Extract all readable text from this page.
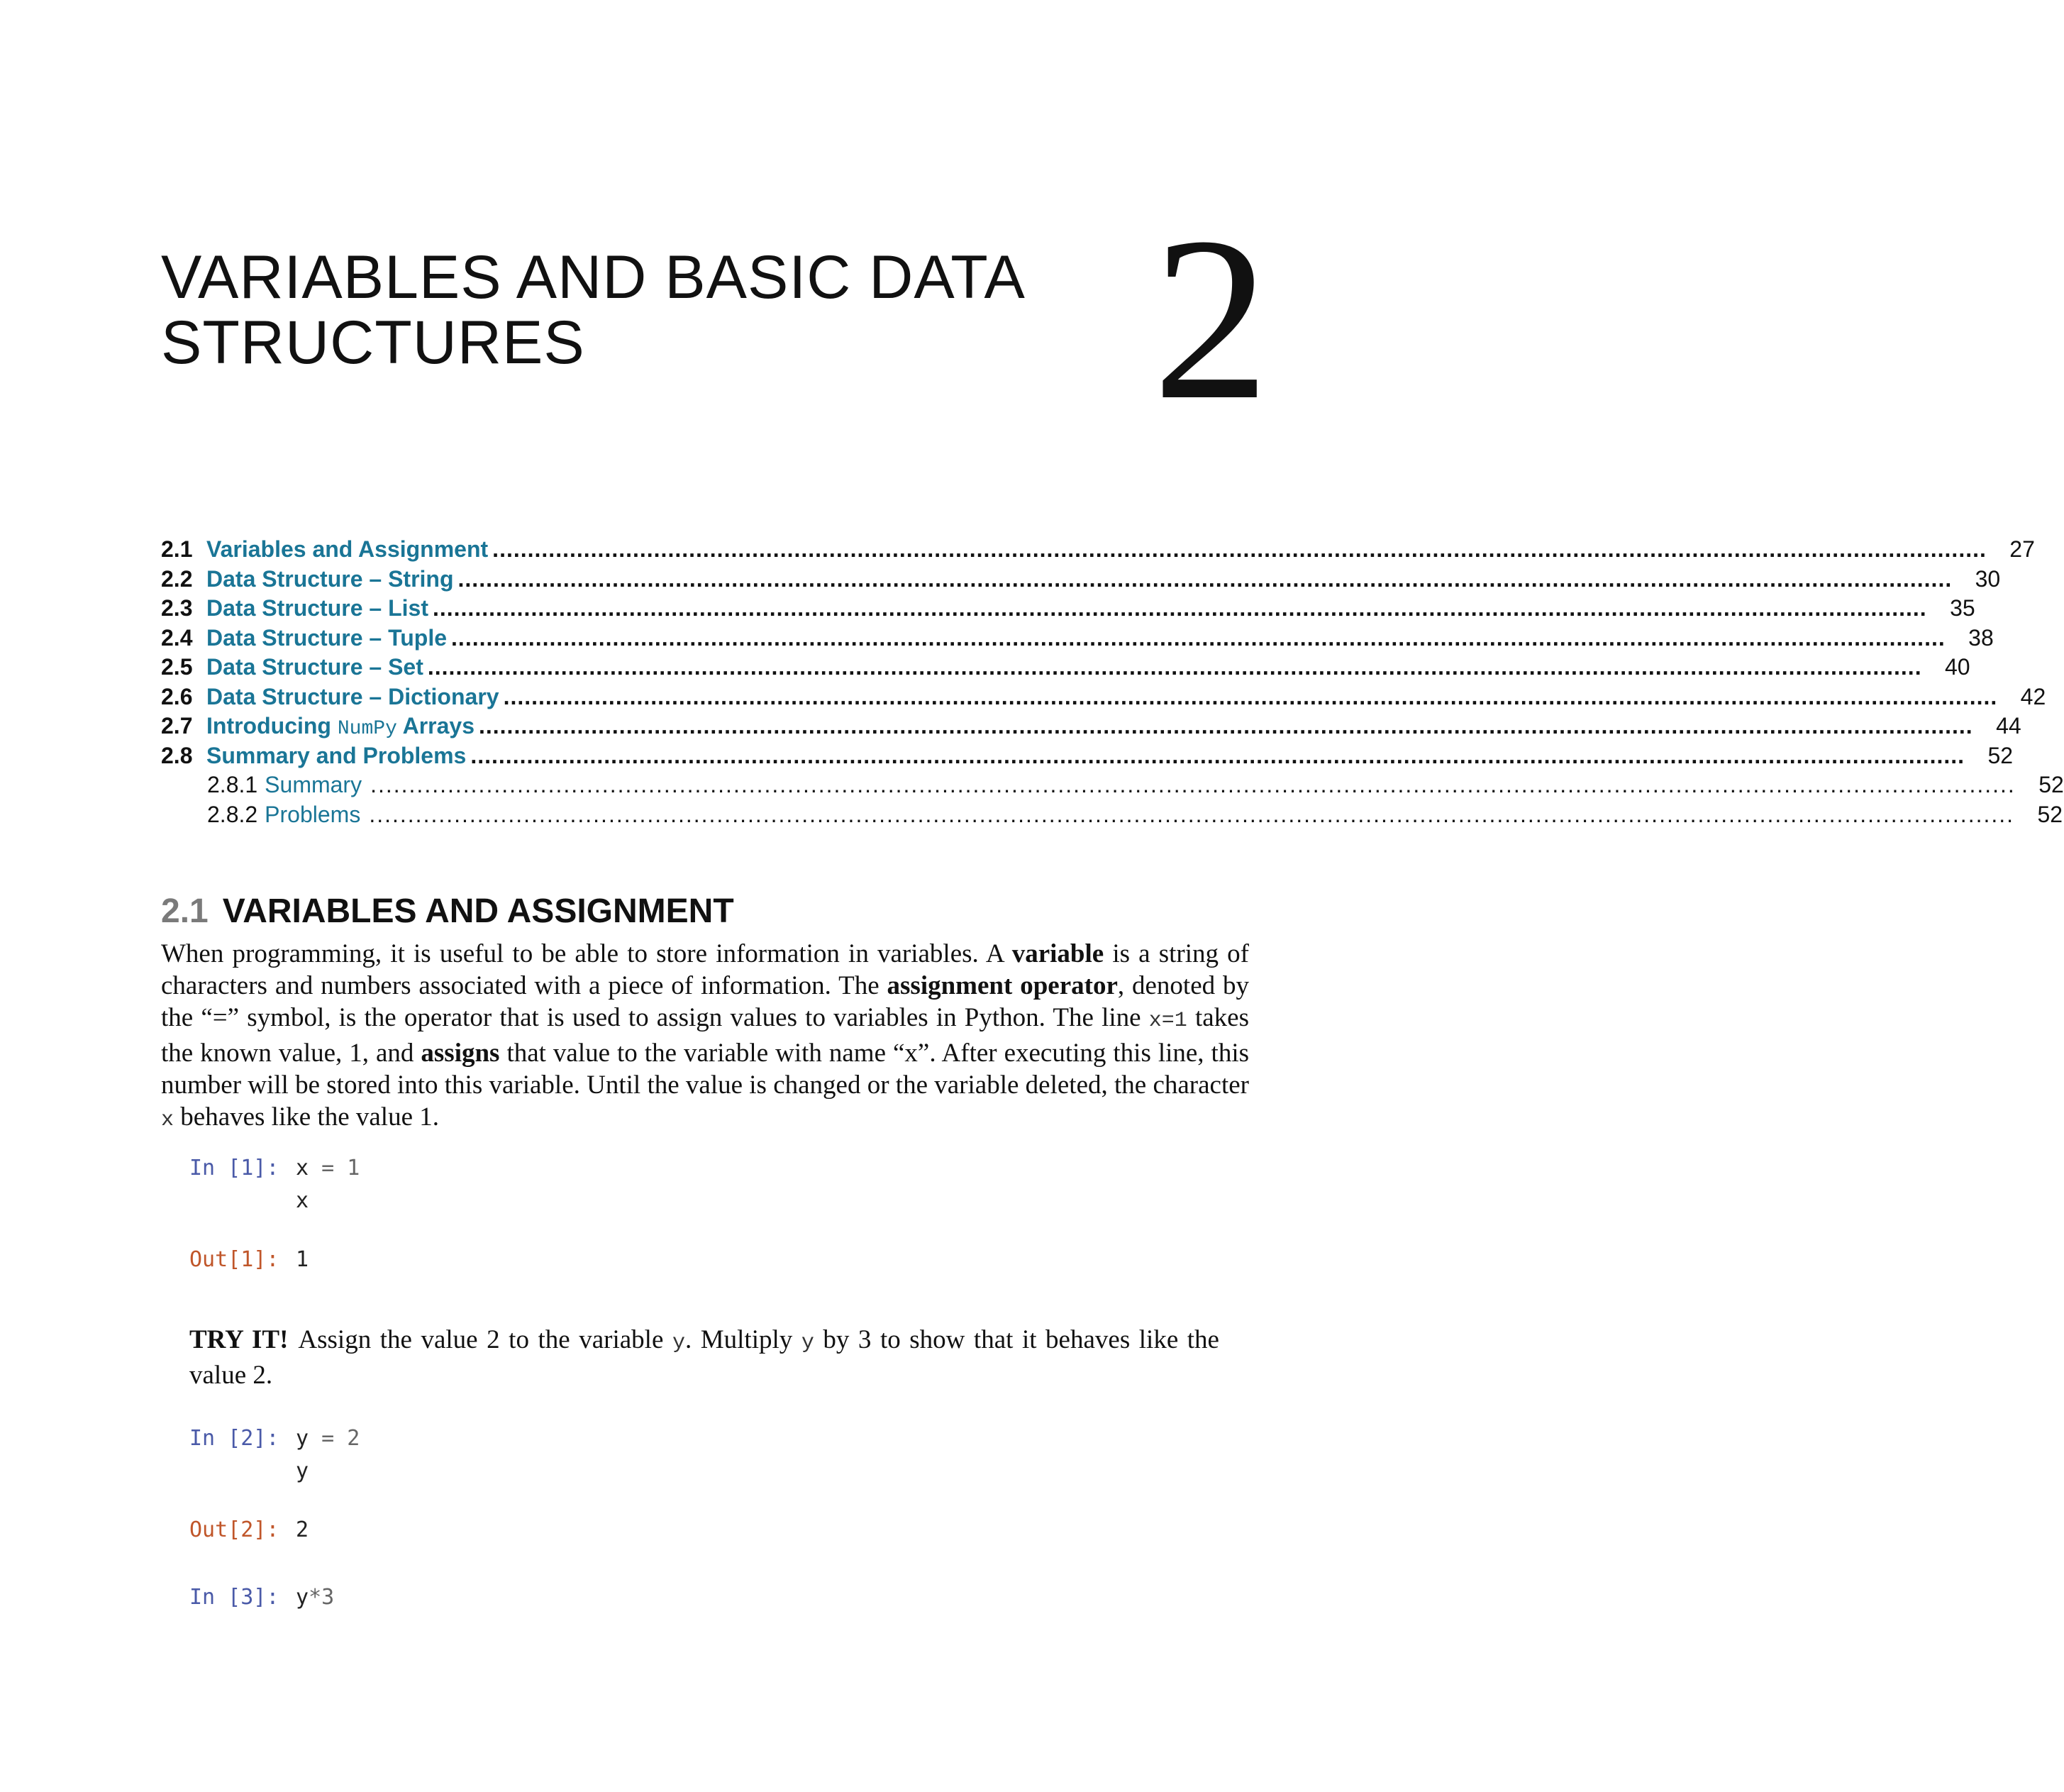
VARIABLES AND BASIC DATA
STRUCTURES	2
2.1 Variables and Assignment .....................................................................................................................................................................................................................	27
2.2 Data Structure – String .....................................................................................................................................................................................................................	30
2.3 Data Structure – List .....................................................................................................................................................................................................................	35
2.4 Data Structure – Tuple .....................................................................................................................................................................................................................	38
2.5 Data Structure – Set .....................................................................................................................................................................................................................	40
2.6 Data Structure – Dictionary .....................................................................................................................................................................................................................	42
2.7 Introducing NumPy Arrays .....................................................................................................................................................................................................................	44
2.8 Summary and Problems .....................................................................................................................................................................................................................	52
2.8.1 Summary .....................................................................................................................................................................................................................	52
2.8.2 Problems .....................................................................................................................................................................................................................	52
2.1 VARIABLES AND ASSIGNMENT
When programming, it is useful to be able to store information in variables. A variable is a string of characters and numbers associated with a piece of information. The assignment operator, denoted by the “=” symbol, is the operator that is used to assign values to variables in Python. The line x=1 takes the known value, 1, and assigns that value to the variable with name “x”. After executing this line, this number will be stored into this variable. Until the value is changed or the variable deleted, the character x behaves like the value 1.
In [1]: x = 1
x
Out[1]: 1
TRY IT! Assign the value 2 to the variable y. Multiply y by 3 to show that it behaves like the value 2.
In [2]: y = 2
y
Out[2]: 2
In [3]: y*3
